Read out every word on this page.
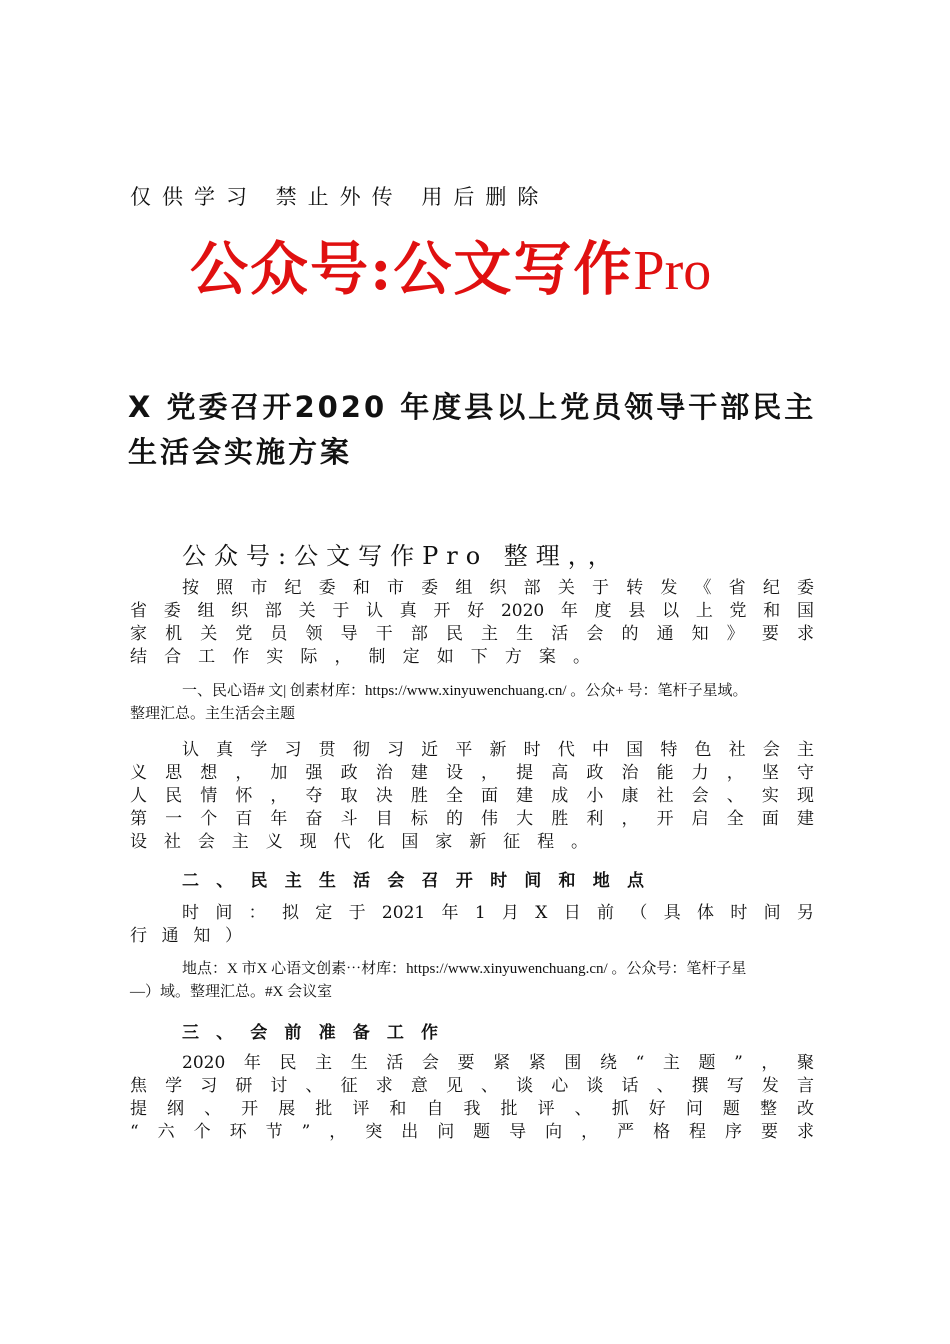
仅供学习 禁止外传 用后删除
公众号:公文写作Pro
X 党委召开2020 年度县以上党员领导干部民主
生活会实施方案
公众号:公文写作Pro 整理，，
按照市纪委和市委组织部关于转发《省纪委
省委组织部关于认真开好2020年度县以上党和国
家机关党员领导干部民主生活会的通知》要求
结合工作实际，制定如下方案。
一、民心语# 文| 创素材库：https://www.xinyuwenchuang.cn/ 。公众+ 号：笔杆子星域。
整理汇总。主生活会主题
认真学习贯彻习近平新时代中国特色社会主
义思想，加强政治建设，提高政治能力，坚守
人民情怀，夺取决胜全面建成小康社会、实现
第一个百年奋斗目标的伟大胜利，开启全面建
设社会主义现代化国家新征程。
二、民主生活会召开时间和地点
时间：拟定于2021年1月X日前（具体时间另
行通知）
地点：X 市X 心语文创素⋯材库：https://www.xinyuwenchuang.cn/ 。公众号：笔杆子星
—）域。整理汇总。#X 会议室
三、会前准备工作
2020年民主生活会要紧紧围绕“主题”，聚
焦学习研讨、征求意见、谈心谈话、撰写发言
提纲、开展批评和自我批评、抓好问题整改
“六个环节”，突出问题导向，严格程序要求
